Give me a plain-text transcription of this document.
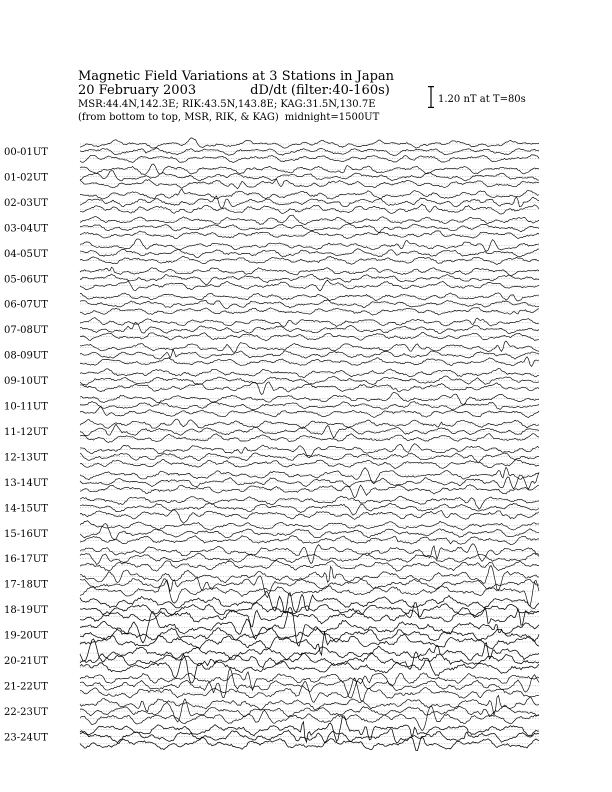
Magnetic Field Variations at 3 Stations in Japan
20 February 2003	dD/dt (filter:40-160s)
MSR:44.4N,142.3E; RIK:43.5N,143.8E; KAG:31.5N,130.7E
(from bottom to top, MSR, RIK, & KAG) midnight=1500UT
1.20 nT at T=80s
00-01UT
01-02UT
02-03UT
03-04UT
04-05UT
05-06UT
06-07UT
07-08UT
08-09UT
09-10UT
10-11UT
11-12UT
12-13UT
13-14UT
14-15UT
15-16UT
16-17UT
17-18UT
18-19UT
19-20UT
20-21UT
21-22UT
22-23UT
23-24UT
